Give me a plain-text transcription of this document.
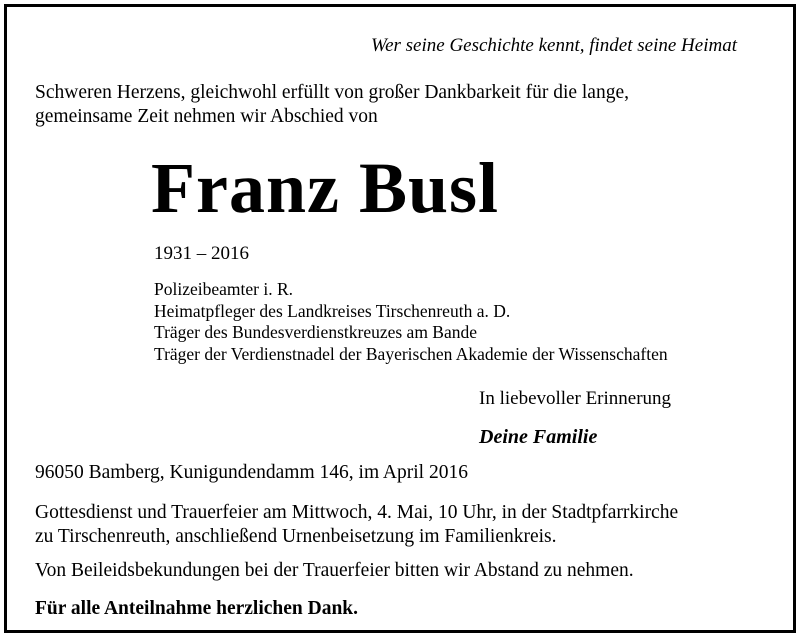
Wer seine Geschichte kennt, findet seine Heimat
Schweren Herzens, gleichwohl erfüllt von großer Dankbarkeit für die lange,
gemeinsame Zeit nehmen wir Abschied von
Franz Busl
1931 – 2016
Polizeibeamter i. R.
Heimatpfleger des Landkreises Tirschenreuth a. D.
Träger des Bundesverdienstkreuzes am Bande
Träger der Verdienstnadel der Bayerischen Akademie der Wissenschaften
In liebevoller Erinnerung
Deine Familie
96050 Bamberg, Kunigundendamm 146, im April 2016
Gottesdienst und Trauerfeier am Mittwoch, 4. Mai, 10 Uhr, in der Stadtpfarrkirche
zu Tirschenreuth, anschließend Urnenbeisetzung im Familienkreis.
Von Beileidsbekundungen bei der Trauerfeier bitten wir Abstand zu nehmen.
Für alle Anteilnahme herzlichen Dank.
